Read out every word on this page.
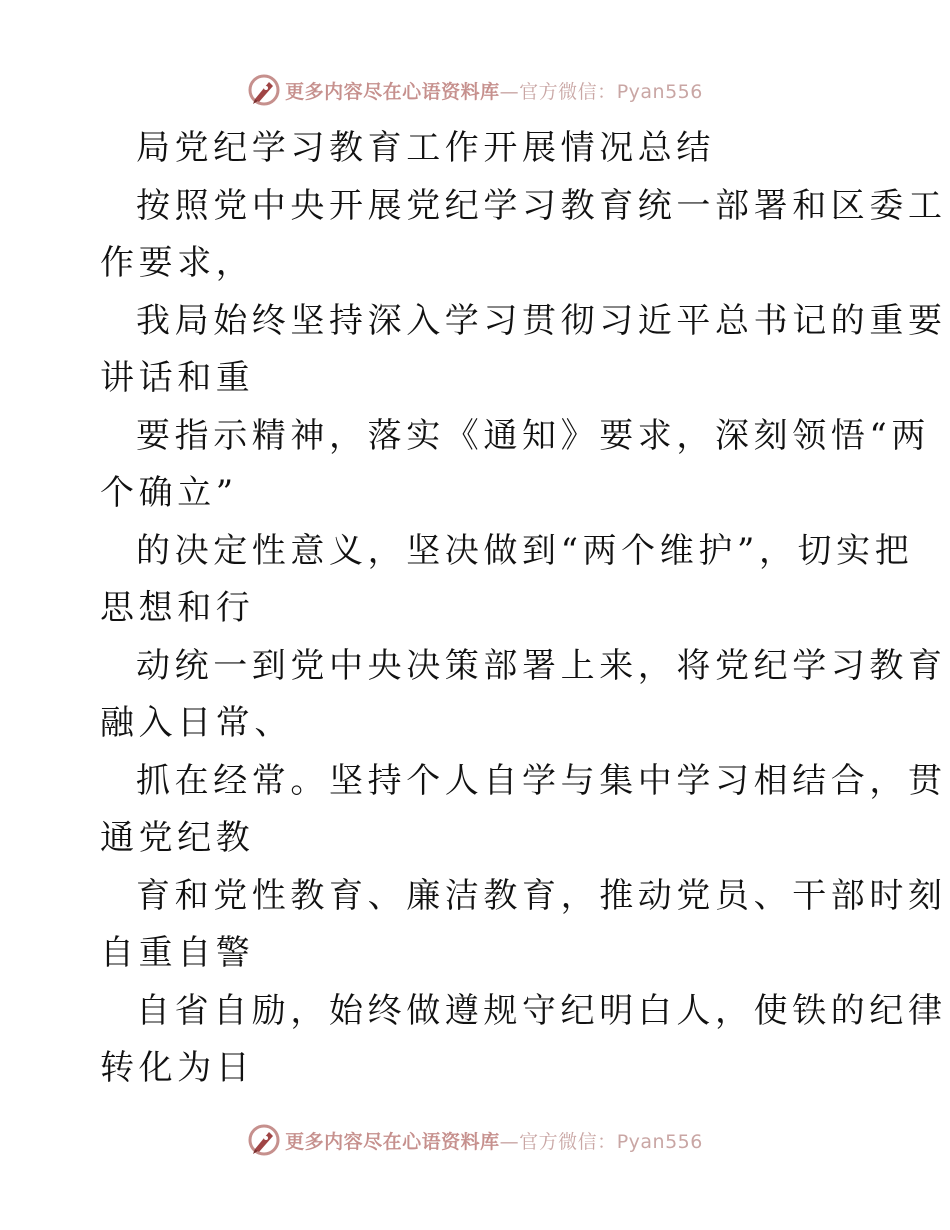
更多内容尽在心语资料库—官方微信：Pyan556
局党纪学习教育工作开展情况总结
按照党中央开展党纪学习教育统一部署和区委工
作要求，
我局始终坚持深入学习贯彻习近平总书记的重要
讲话和重
要指示精神，落实《通知》要求，深刻领悟“两
个确立”
的决定性意义，坚决做到“两个维护”，切实把
思想和行
动统一到党中央决策部署上来，将党纪学习教育
融入日常、
抓在经常。坚持个人自学与集中学习相结合，贯
通党纪教
育和党性教育、廉洁教育，推动党员、干部时刻
自重自警
自省自励，始终做遵规守纪明白人，使铁的纪律
转化为日
更多内容尽在心语资料库—官方微信：Pyan556
